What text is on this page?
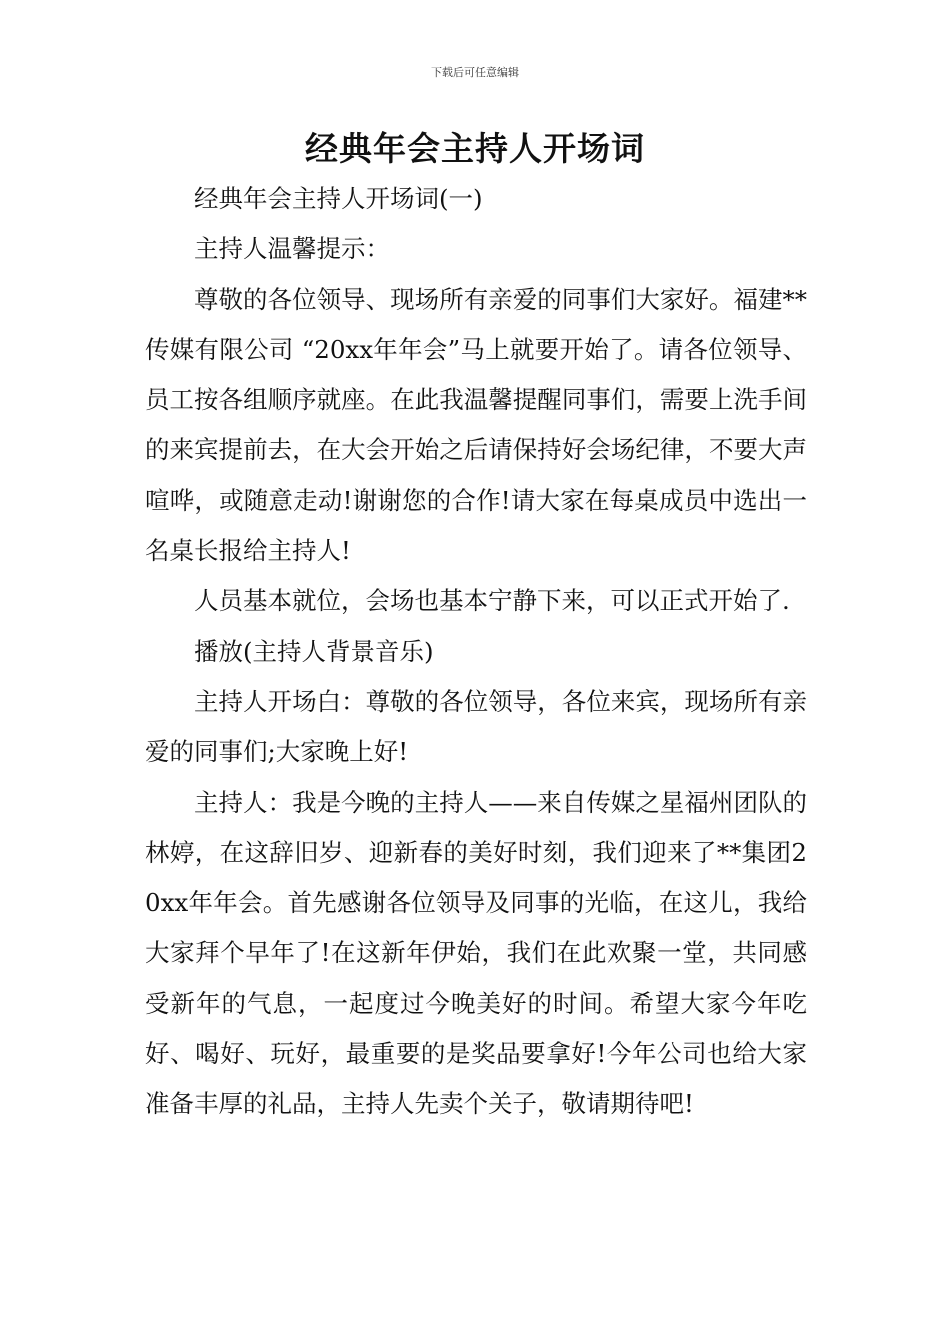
下载后可任意编辑
经典年会主持人开场词

经典年会主持人开场词(一)

主持人温馨提示：

尊敬的各位领导、现场所有亲爱的同事们大家好。福建**传媒有限公司 “20xx年年会”马上就要开始了。请各位领导、员工按各组顺序就座。在此我温馨提醒同事们，需要上洗手间的来宾提前去，在大会开始之后请保持好会场纪律，不要大声喧哗，或随意走动!谢谢您的合作!请大家在每桌成员中选出一名桌长报给主持人!

人员基本就位，会场也基本宁静下来，可以正式开始了.

播放(主持人背景音乐)

主持人开场白：尊敬的各位领导，各位来宾，现场所有亲爱的同事们;大家晚上好!

主持人：我是今晚的主持人——来自传媒之星福州团队的林婷，在这辞旧岁、迎新春的美好时刻，我们迎来了**集团20xx年年会。首先感谢各位领导及同事的光临，在这儿，我给大家拜个早年了!在这新年伊始，我们在此欢聚一堂，共同感受新年的气息，一起度过今晚美好的时间。希望大家今年吃好、喝好、玩好，最重要的是奖品要拿好!今年公司也给大家准备丰厚的礼品，主持人先卖个关子，敬请期待吧!
